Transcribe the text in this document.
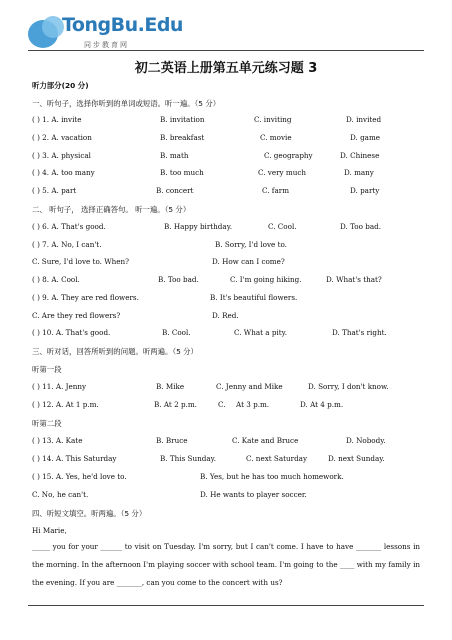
TongBu.Edu
同步教育网
初二英语上册第五单元练习题 3
听力部分(20 分)
一、听句子，选择你听到的单词或短语。听一遍。（5 分）
( ) 1. A. invite	B. invitation	C. inviting	D. invited
( ) 2. A. vacation	B. breakfast	C. movie	D. game
( ) 3. A. physical	B. math	C. geography	D. Chinese
( ) 4. A. too many	B. too much	C. very much	D. many
( ) 5. A. part	B. concert	C. farm	D. party
二、 听句子， 选择正确答句。 听一遍。（5 分）
( ) 6. A. That's good.	B. Happy birthday.	C. Cool.	D. Too bad.
( ) 7. A. No, I can't.	B. Sorry, I'd love to.
C. Sure, I'd love to. When?	D. How can I come?
( ) 8. A. Cool.	B. Too bad.	C. I'm going hiking.	D. What's that?
( ) 9. A. They are red flowers.	B. It's beautiful flowers.
C. Are they red flowers?	D. Red.
( ) 10. A. That's good.	B. Cool.	C. What a pity.	D. That's right.
三、听对话，回答所听到的问题。听两遍。（5 分）
听第一段
( ) 11. A. Jenny	B. Mike	C. Jenny and Mike	D. Sorry, I don't know.
( ) 12. A. At 1 p.m.	B. At 2 p.m.	C. At 3 p.m.	D. At 4 p.m.
听第二段
( ) 13. A. Kate	B. Bruce	C. Kate and Bruce	D. Nobody.
( ) 14. A. This Saturday	B. This Sunday.	C. next Saturday	D. next Sunday.
( ) 15. A. Yes, he'd love to.	B. Yes, but he has too much homework.
C. No, he can't.	D. He wants to player soccer.
四、听短文填空。听两遍。（5 分）
Hi Marie,
_____ you for your ______ to visit on Tuesday. I'm sorry, but I can't come. I have to have _______ lessons in the morning. In the afternoon I'm playing soccer with school team. I'm going to the ____ with my family in the evening. If you are _______, can you come to the concert with us?
